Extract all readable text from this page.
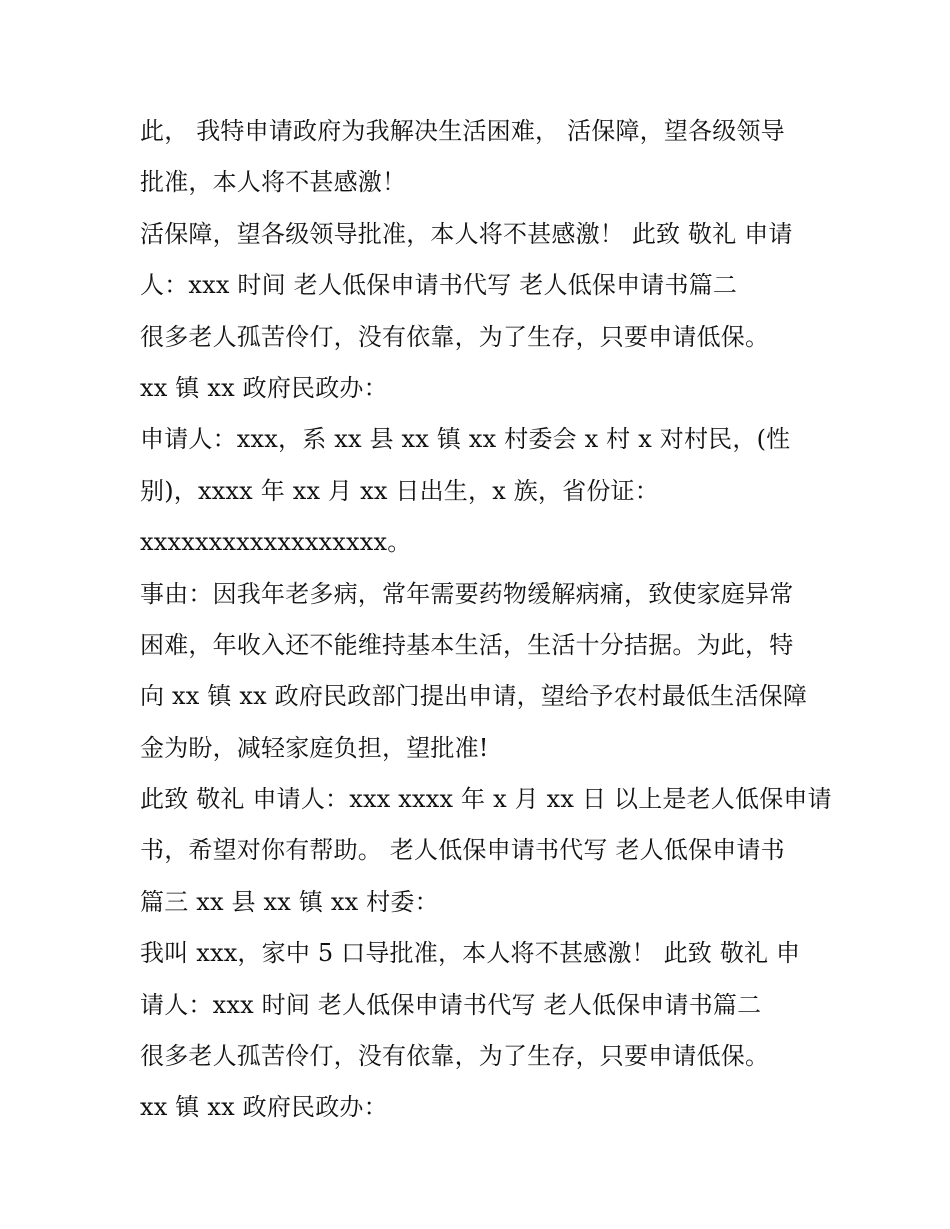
此， 我特申请政府为我解决生活困难， 活保障，望各级领导
批准，本人将不甚感激！
活保障，望各级领导批准，本人将不甚感激！ 此致 敬礼 申请
人：xxx 时间 老人低保申请书代写 老人低保申请书篇二
很多老人孤苦伶仃，没有依靠，为了生存，只要申请低保。
xx 镇 xx 政府民政办：
申请人：xxx，系 xx 县 xx 镇 xx 村委会 x 村 x 对村民，(性
别)，xxxx 年 xx 月 xx 日出生，x 族，省份证：
xxxxxxxxxxxxxxxxxx。
事由：因我年老多病，常年需要药物缓解病痛，致使家庭异常
困难，年收入还不能维持基本生活，生活十分拮据。为此，特
向 xx 镇 xx 政府民政部门提出申请，望给予农村最低生活保障
金为盼，减轻家庭负担，望批准!
此致 敬礼 申请人：xxx xxxx 年 x 月 xx 日 以上是老人低保申请
书，希望对你有帮助。 老人低保申请书代写 老人低保申请书
篇三 xx 县 xx 镇 xx 村委：
我叫 xxx，家中 5 口导批准，本人将不甚感激！ 此致 敬礼 申
请人：xxx 时间 老人低保申请书代写 老人低保申请书篇二
很多老人孤苦伶仃，没有依靠，为了生存，只要申请低保。
xx 镇 xx 政府民政办：
